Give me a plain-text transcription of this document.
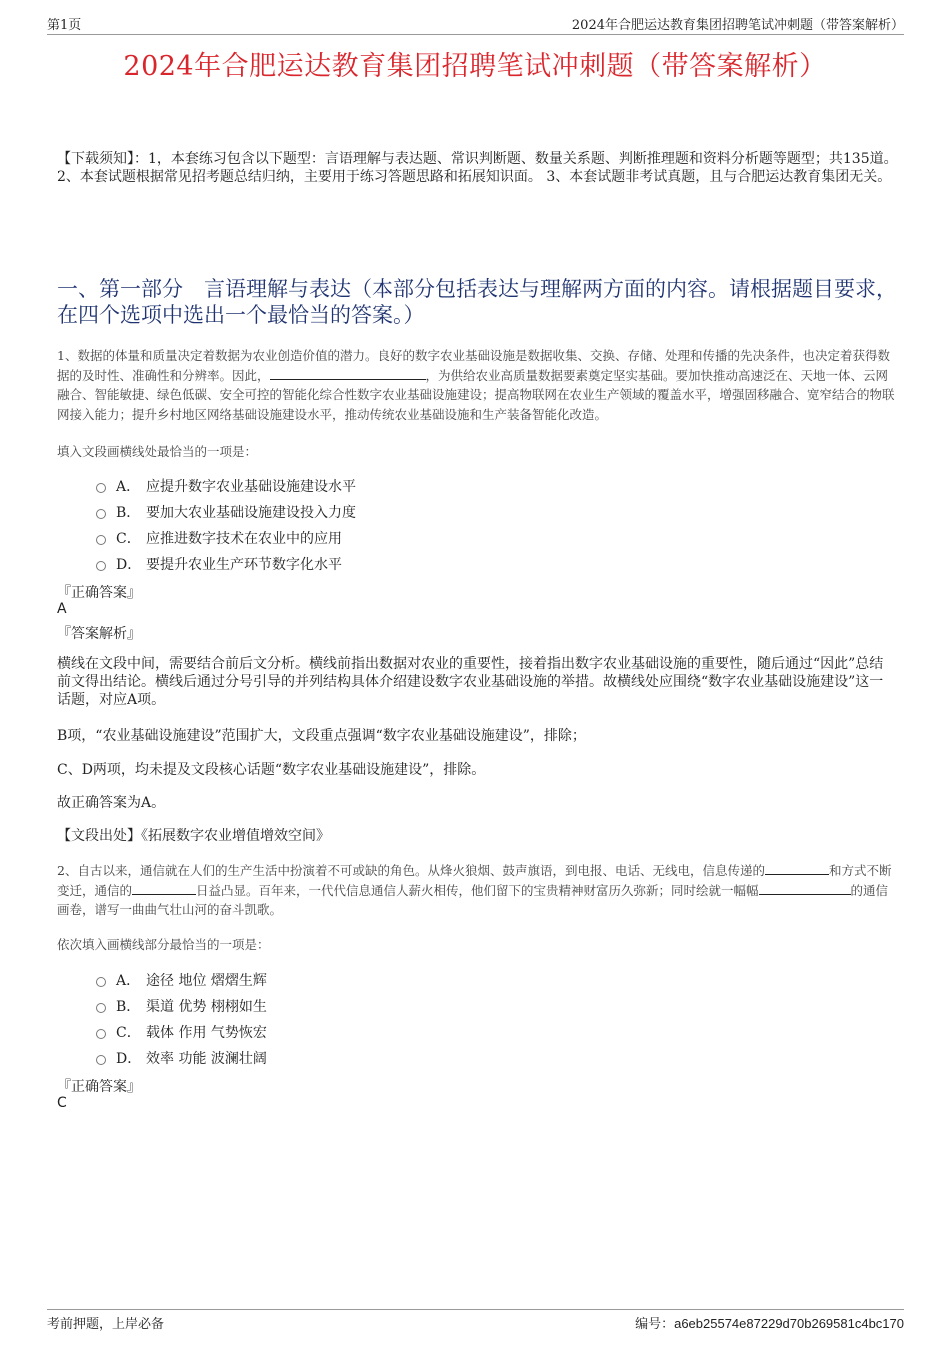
第1页	2024年合肥运达教育集团招聘笔试冲刺题（带答案解析）
2024年合肥运达教育集团招聘笔试冲刺题（带答案解析）
【下载须知】：1，本套练习包含以下题型：言语理解与表达题、常识判断题、数量关系题、判断推理题和资料分析题等题型；共135道。 2、本套试题根据常见招考题总结归纳，主要用于练习答题思路和拓展知识面。 3、本套试题非考试真题，且与合肥运达教育集团无关。
一、第一部分　言语理解与表达（本部分包括表达与理解两方面的内容。请根据题目要求，在四个选项中选出一个最恰当的答案。）
1、数据的体量和质量决定着数据为农业创造价值的潜力。良好的数字农业基础设施是数据收集、交换、存储、处理和传播的先决条件，也决定着获得数据的及时性、准确性和分辨率。因此，	，为供给农业高质量数据要素奠定坚实基础。要加快推动高速泛在、天地一体、云网融合、智能敏捷、绿色低碳、安全可控的智能化综合性数字农业基础设施建设；提高物联网在农业生产领域的覆盖水平，增强固移融合、宽窄结合的物联网接入能力；提升乡村地区网络基础设施建设水平，推动传统农业基础设施和生产装备智能化改造。
填入文段画横线处最恰当的一项是：
A． 应提升数字农业基础设施建设水平
B． 要加大农业基础设施建设投入力度
C． 应推进数字技术在农业中的应用
D． 要提升农业生产环节数字化水平
『正确答案』
A
『答案解析』
横线在文段中间，需要结合前后文分析。横线前指出数据对农业的重要性，接着指出数字农业基础设施的重要性，随后通过“因此”总结前文得出结论。横线后通过分号引导的并列结构具体介绍建设数字农业基础设施的举措。故横线处应围绕“数字农业基础设施建设”这一话题，对应A项。
B项，“农业基础设施建设”范围扩大，文段重点强调“数字农业基础设施建设”，排除；
C、D两项，均未提及文段核心话题“数字农业基础设施建设”，排除。
故正确答案为A。
【文段出处】《拓展数字农业增值增效空间》
2、自古以来，通信就在人们的生产生活中扮演着不可或缺的角色。从烽火狼烟、鼓声旗语，到电报、电话、无线电，信息传递的	和方式不断变迁，通信的	日益凸显。百年来，一代代信息通信人薪火相传，他们留下的宝贵精神财富历久弥新；同时绘就一幅幅	的通信画卷，谱写一曲曲气壮山河的奋斗凯歌。
依次填入画横线部分最恰当的一项是：
A． 途径 地位 熠熠生辉
B． 渠道 优势 栩栩如生
C． 载体 作用 气势恢宏
D． 效率 功能 波澜壮阔
『正确答案』
C
考前押题，上岸必备	编号：a6eb25574e87229d70b269581c4bc170
